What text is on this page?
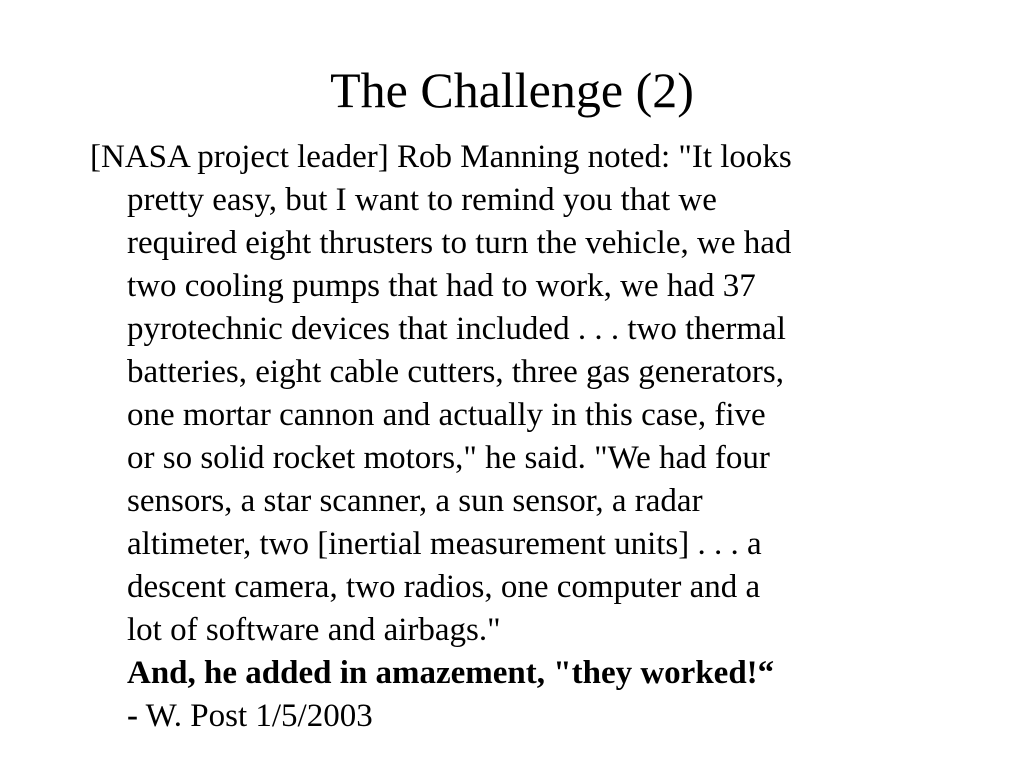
The Challenge (2)
[NASA project leader] Rob Manning noted: "It looks
pretty easy, but I want to remind you that we
required eight thrusters to turn the vehicle, we had
two cooling pumps that had to work, we had 37
pyrotechnic devices that included . . . two thermal
batteries, eight cable cutters, three gas generators,
one mortar cannon and actually in this case, five
or so solid rocket motors," he said. "We had four
sensors, a star scanner, a sun sensor, a radar
altimeter, two [inertial measurement units] . . . a
descent camera, two radios, one computer and a
lot of software and airbags."
And, he added in amazement, "they worked!“
- W. Post 1/5/2003
